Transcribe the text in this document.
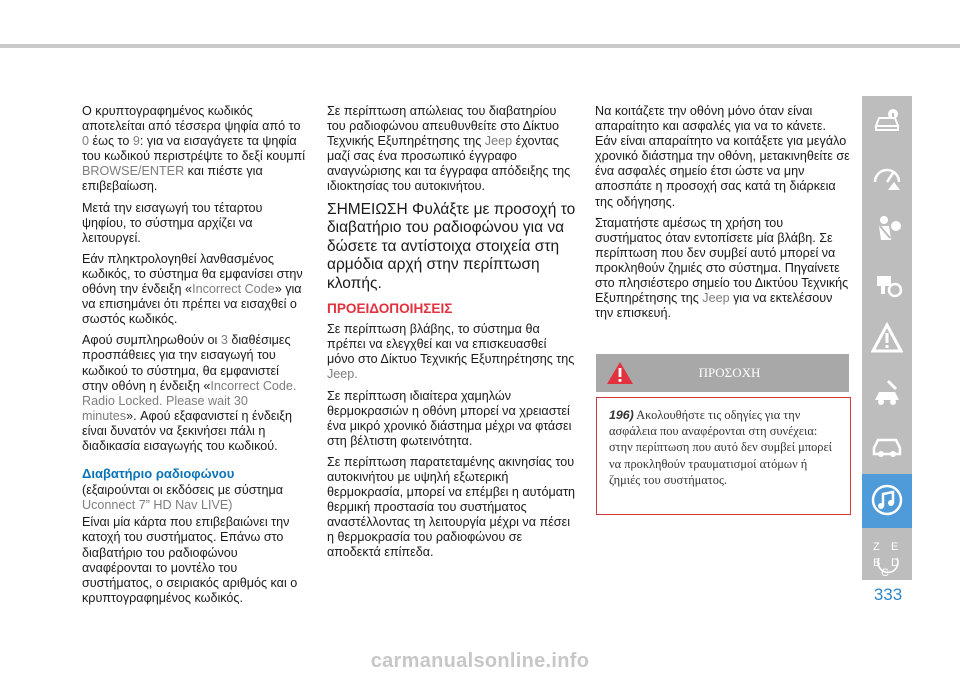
Ο κρυπτογραφημένος κωδικός αποτελείται από τέσσερα ψηφία από το 0 έως το 9: για να εισαγάγετε τα ψηφία του κωδικού περιστρέψτε το δεξί κουμπί BROWSE/ENTER και πιέστε για επιβεβαίωση.

Μετά την εισαγωγή του τέταρτου ψηφίου, το σύστημα αρχίζει να λειτουργεί.

Εάν πληκτρολογηθεί λανθασμένος κωδικός, το σύστημα θα εμφανίσει στην οθόνη την ένδειξη «Incorrect Code» για να επισημάνει ότι πρέπει να εισαχθεί ο σωστός κωδικός.

Αφού συμπληρωθούν οι 3 διαθέσιμες προσπάθειες για την εισαγωγή του κωδικού το σύστημα, θα εμφανιστεί στην οθόνη η ένδειξη «Incorrect Code. Radio Locked. Please wait 30 minutes». Αφού εξαφανιστεί η ένδειξη είναι δυνατόν να ξεκινήσει πάλι η διαδικασία εισαγωγής του κωδικού.

Διαβατήριο ραδιοφώνου

(εξαιρούνται οι εκδόσεις με σύστημα Uconnect 7” HD Nav LIVE)

Είναι μία κάρτα που επιβεβαιώνει την κατοχή του συστήματος. Επάνω στο διαβατήριο του ραδιοφώνου αναφέρονται το μοντέλο του συστήματος, ο σειριακός αριθμός και ο κρυπτογραφημένος κωδικός.

Σε περίπτωση απώλειας του διαβατηρίου του ραδιοφώνου απευθυνθείτε στο Δίκτυο Τεχνικής Εξυπηρέτησης της Jeep έχοντας μαζί σας ένα προσωπικό έγγραφο αναγνώρισης και τα έγγραφα απόδειξης της ιδιοκτησίας του αυτοκινήτου.

ΣΗΜΕΙΩΣΗ Φυλάξτε με προσοχή το διαβατήριο του ραδιοφώνου για να δώσετε τα αντίστοιχα στοιχεία στη αρμόδια αρχή στην περίπτωση κλοπής.

ΠΡΟΕΙΔΟΠΟΙΗΣΕΙΣ

Σε περίπτωση βλάβης, το σύστημα θα πρέπει να ελεγχθεί και να επισκευασθεί μόνο στο Δίκτυο Τεχνικής Εξυπηρέτησης της Jeep.

Σε περίπτωση ιδιαίτερα χαμηλών θερμοκρασιών η οθόνη μπορεί να χρειαστεί ένα μικρό χρονικό διάστημα μέχρι να φτάσει στη βέλτιστη φωτεινότητα.

Σε περίπτωση παρατεταμένης ακινησίας του αυτοκινήτου με υψηλή εξωτερική θερμοκρασία, μπορεί να επέμβει η αυτόματη θερμική προστασία του συστήματος αναστέλλοντας τη λειτουργία μέχρι να πέσει η θερμοκρασία του ραδιοφώνου σε αποδεκτά επίπεδα.

Να κοιτάζετε την οθόνη μόνο όταν είναι απαραίτητο και ασφαλές για να το κάνετε. Εάν είναι απαραίτητο να κοιτάξετε για μεγάλο χρονικό διάστημα την οθόνη, μετακινηθείτε σε ένα ασφαλές σημείο έτσι ώστε να μην αποσπάτε η προσοχή σας κατά τη διάρκεια της οδήγησης.

Σταματήστε αμέσως τη χρήση του συστήματος όταν εντοπίσετε μία βλάβη. Σε περίπτωση που δεν συμβεί αυτό μπορεί να προκληθούν ζημιές στο σύστημα. Πηγαίνετε στο πλησιέστερο σημείο του Δικτύου Τεχνικής Εξυπηρέτησης της Jeep για να εκτελέσουν την επισκευή.

ΠΡΟΣΟΧΗ
196) Ακολουθήστε τις οδηγίες για την ασφάλεια που αναφέρονται στη συνέχεια: στην περίπτωση που αυτό δεν συμβεί μπορεί να προκληθούν τραυματισμοί ατόμων ή ζημιές του συστήματος.
Z E
B D
C
333
carmanualsonline.info
